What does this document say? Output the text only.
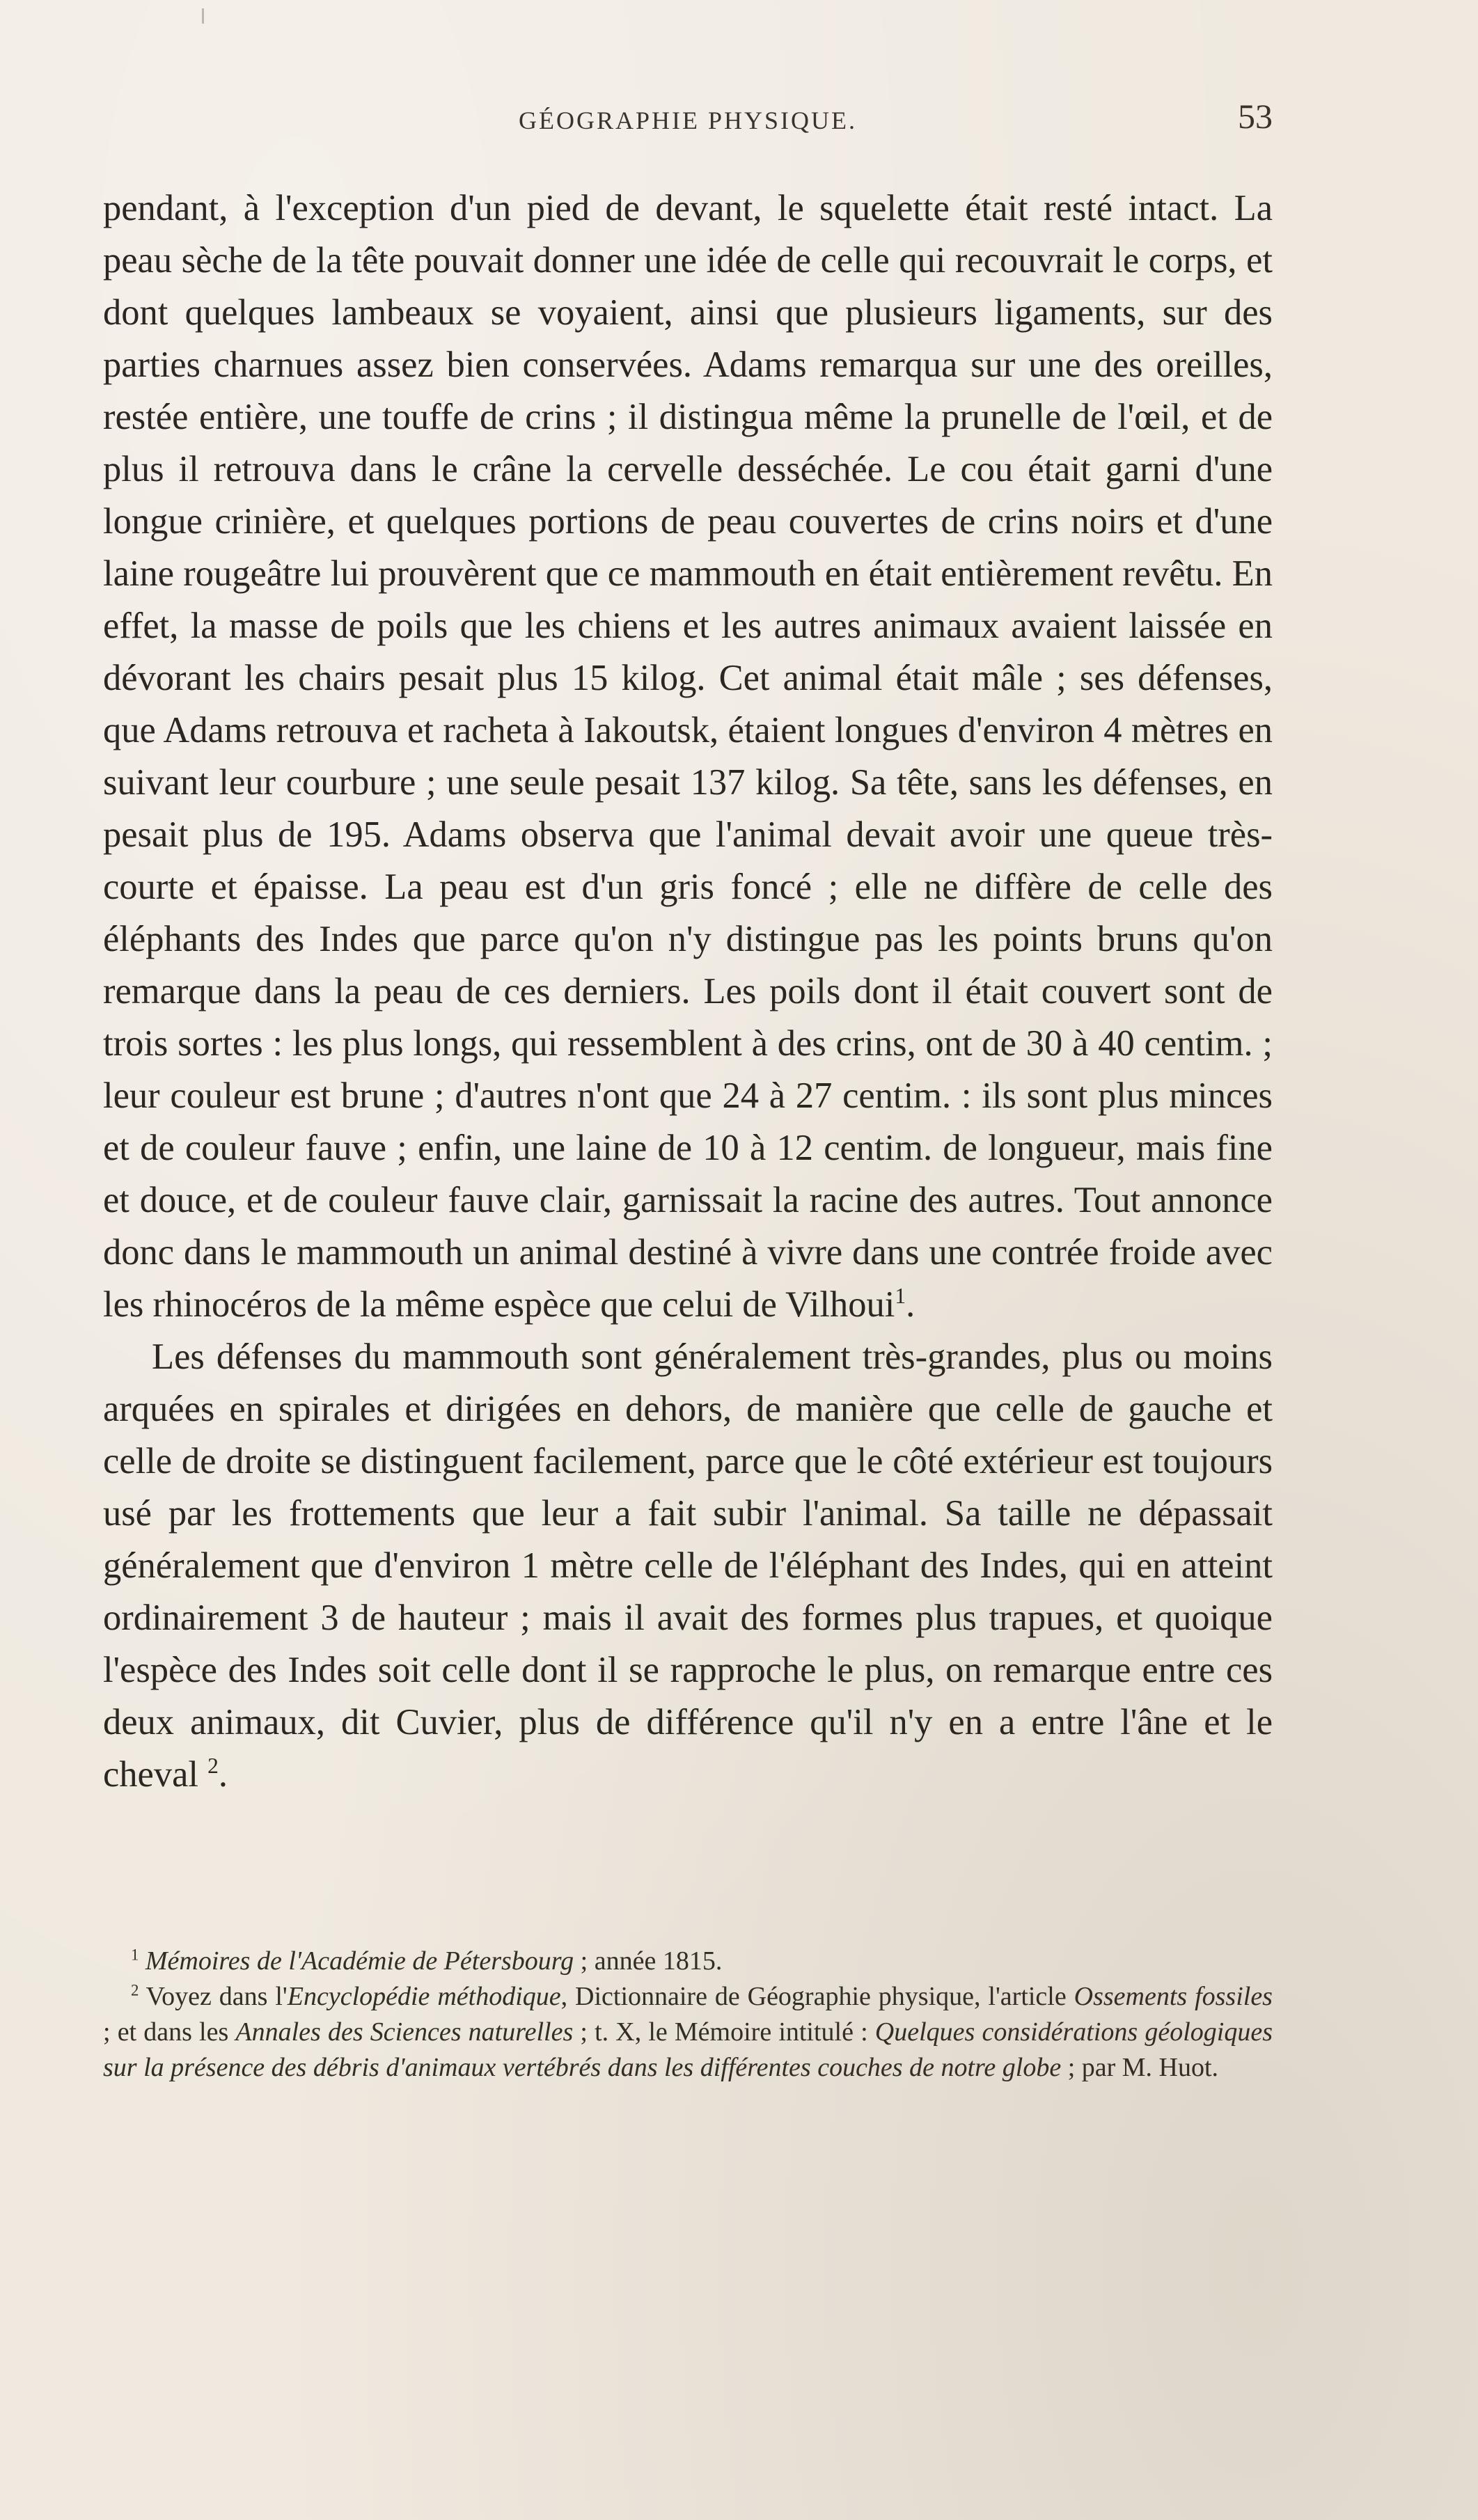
GÉOGRAPHIE PHYSIQUE.	53

pendant, à l'exception d'un pied de devant, le squelette était resté intact. La peau sèche de la tête pouvait donner une idée de celle qui recouvrait le corps, et dont quelques lambeaux se voyaient, ainsi que plusieurs ligaments, sur des parties charnues assez bien conservées. Adams remarqua sur une des oreilles, restée entière, une touffe de crins ; il distingua même la prunelle de l'œil, et de plus il retrouva dans le crâne la cervelle desséchée. Le cou était garni d'une longue crinière, et quelques portions de peau couvertes de crins noirs et d'une laine rougeâtre lui prouvèrent que ce mammouth en était entièrement revêtu. En effet, la masse de poils que les chiens et les autres animaux avaient laissée en dévorant les chairs pesait plus 15 kilog. Cet animal était mâle ; ses défenses, que Adams retrouva et racheta à Iakoutsk, étaient longues d'environ 4 mètres en suivant leur courbure ; une seule pesait 137 kilog. Sa tête, sans les défenses, en pesait plus de 195. Adams observa que l'animal devait avoir une queue très-courte et épaisse. La peau est d'un gris foncé ; elle ne diffère de celle des éléphants des Indes que parce qu'on n'y distingue pas les points bruns qu'on remarque dans la peau de ces derniers. Les poils dont il était couvert sont de trois sortes : les plus longs, qui ressemblent à des crins, ont de 30 à 40 centim. ; leur couleur est brune ; d'autres n'ont que 24 à 27 centim. : ils sont plus minces et de couleur fauve ; enfin, une laine de 10 à 12 centim. de longueur, mais fine et douce, et de couleur fauve clair, garnissait la racine des autres. Tout annonce donc dans le mammouth un animal destiné à vivre dans une contrée froide avec les rhinocéros de la même espèce que celui de Vilhoui$^1$.

Les défenses du mammouth sont généralement très-grandes, plus ou moins arquées en spirales et dirigées en dehors, de manière que celle de gauche et celle de droite se distinguent facilement, parce que le côté extérieur est toujours usé par les frottements que leur a fait subir l'animal. Sa taille ne dépassait généralement que d'environ 1 mètre celle de l'éléphant des Indes, qui en atteint ordinairement 3 de hauteur ; mais il avait des formes plus trapues, et quoique l'espèce des Indes soit celle dont il se rapproche le plus, on remarque entre ces deux animaux, dit Cuvier, plus de différence qu'il n'y en a entre l'âne et le cheval $^2$.

$^1$ Mémoires de l'Académie de Pétersbourg ; année 1815.

$^2$ Voyez dans l'Encyclopédie méthodique, Dictionnaire de Géographie physique, l'article Ossements fossiles ; et dans les Annales des Sciences naturelles ; t. X, le Mémoire intitulé : Quelques considérations géologiques sur la présence des débris d'animaux vertébrés dans les différentes couches de notre globe ; par M. Huot.
